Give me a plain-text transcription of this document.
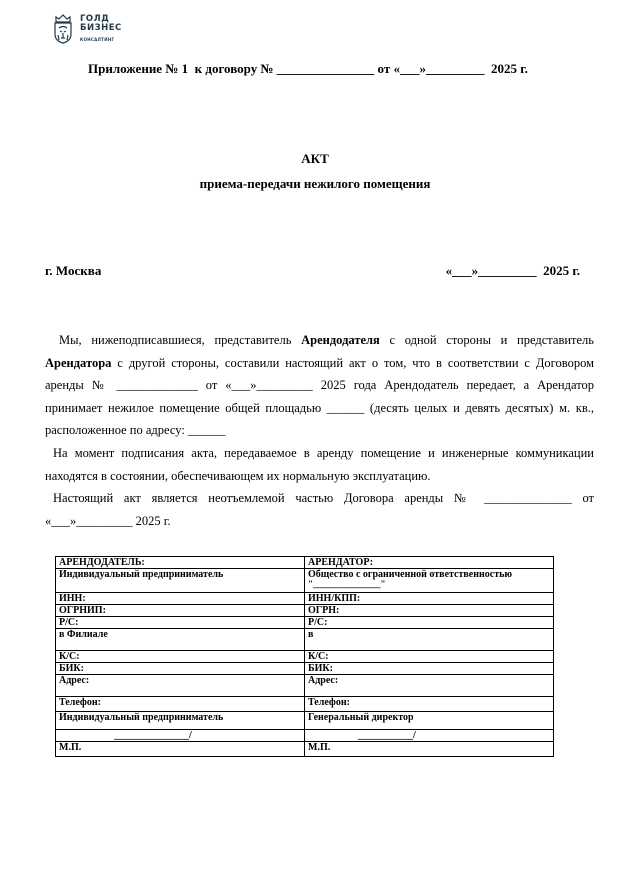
ГОЛД
БИЗНЕС
КОНСАЛТИНГ
Приложение № 1  к договору № _______________ от «___»_________  2025 г.
АКТ
приема-передачи нежилого помещения
г. Москва	«___»_________  2025 г.
Мы, нижеподписавшиеся, представитель Арендодателя с одной стороны и представитель Арендатора с другой стороны, составили настоящий акт о том, что в соответствии с Договором аренды № _____________ от «___»_________ 2025 года Арендодатель передает, а Арендатор принимает нежилое помещение общей площадью ______ (десять целых и девять десятых) м. кв., расположенное по адресу: ______
На момент подписания акта, передаваемое в аренду помещение и инженерные коммуникации находятся в состоянии, обеспечивающем их нормальную эксплуатацию.
Настоящий акт является неотъемлемой частью Договора аренды № ______________ от «___»_________ 2025 г.
АРЕНДОДАТЕЛЬ:	АРЕНДАТОР:
Индивидуальный предприниматель	Общество с ограниченной ответственностью
"_______________"

ИНН:	ИНН/КПП:
ОГРНИП:	ОГРН:
Р/С:	Р/С:
в Филиале	в
К/С:	К/С:
БИК:	БИК:
Адрес:	Адрес:
Телефон:	Телефон:
Индивидуальный предприниматель	Генеральный директор
_______________/	___________/
М.П.	М.П.
